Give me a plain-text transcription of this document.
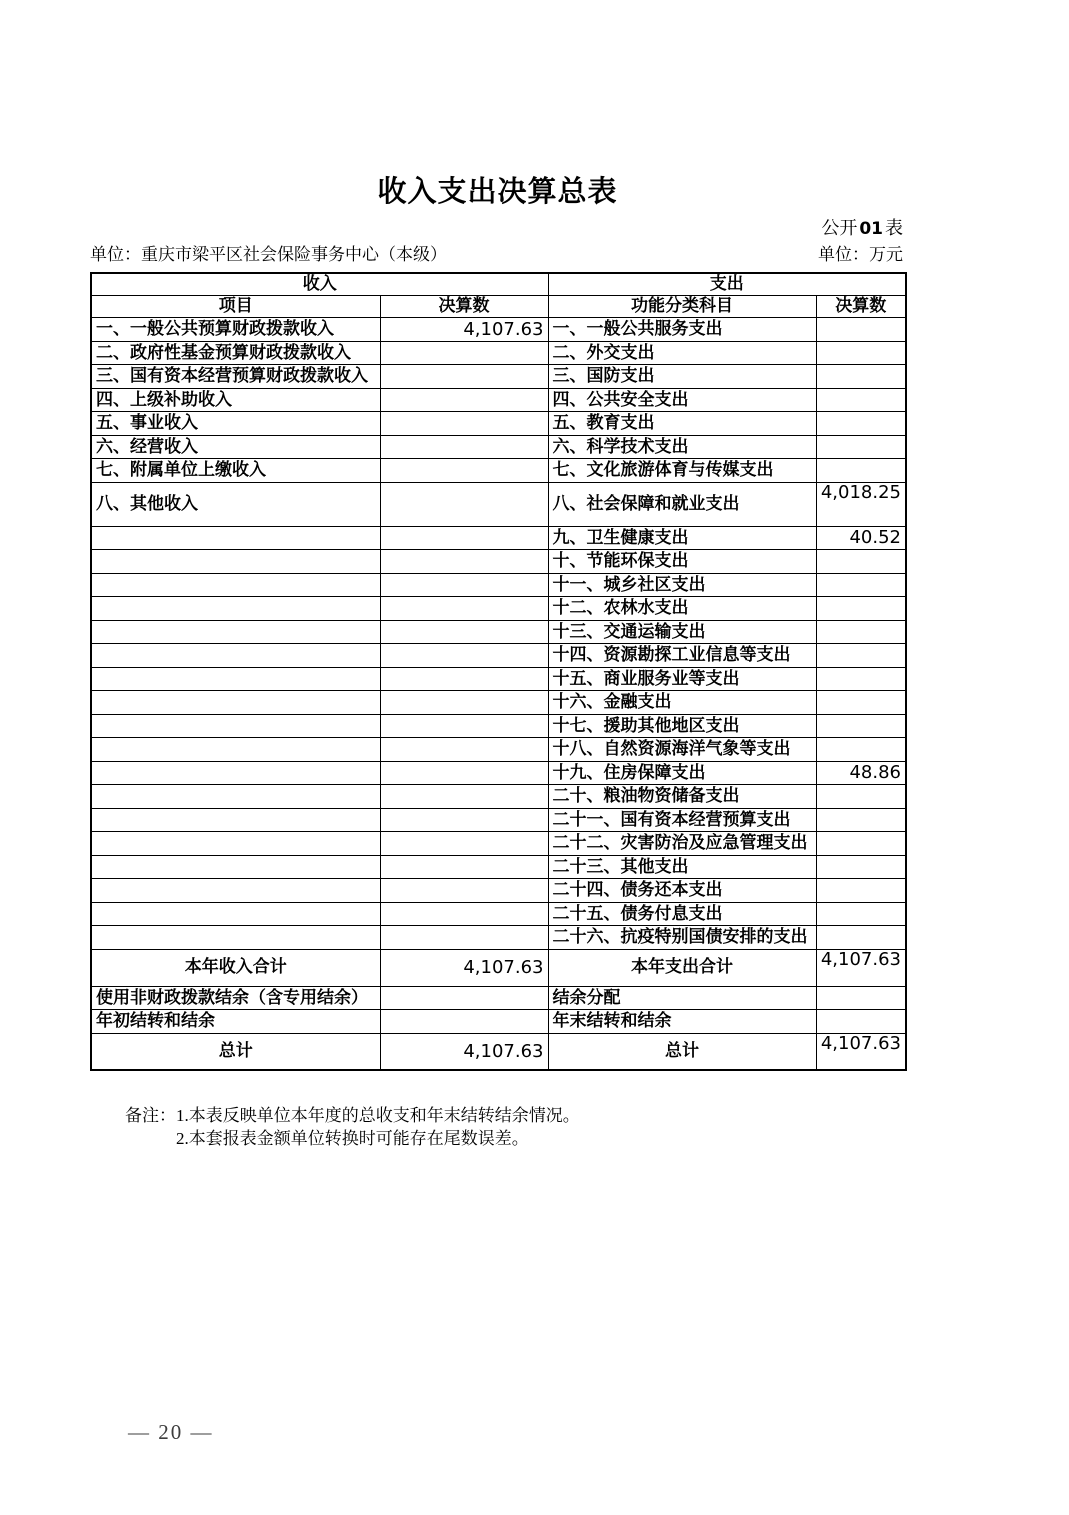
收入支出决算总表
公开 01 表
单位：重庆市梁平区社会保险事务中心（本级）	单位：万元
收入		支出	
项目	决算数	功能分类科目	决算数
一、一般公共预算财政拨款收入	4,107.63	一、一般公共服务支出	
二、政府性基金预算财政拨款收入		二、外交支出	
三、国有资本经营预算财政拨款收入		三、国防支出	
四、上级补助收入		四、公共安全支出	
五、事业收入		五、教育支出	
六、经营收入		六、科学技术支出	
七、附属单位上缴收入		七、文化旅游体育与传媒支出	
八、其他收入		八、社会保障和就业支出	4,018.25
		九、卫生健康支出	40.52
		十、节能环保支出	
		十一、城乡社区支出	
		十二、农林水支出	
		十三、交通运输支出	
		十四、资源勘探工业信息等支出	
		十五、商业服务业等支出	
		十六、金融支出	
		十七、援助其他地区支出	
		十八、自然资源海洋气象等支出	
		十九、住房保障支出	48.86
		二十、粮油物资储备支出	
		二十一、国有资本经营预算支出	
		二十二、灾害防治及应急管理支出	
		二十三、其他支出	
		二十四、债务还本支出	
		二十五、债务付息支出	
		二十六、抗疫特别国债安排的支出	
本年收入合计	4,107.63	本年支出合计	4,107.63
使用非财政拨款结余（含专用结余）		结余分配	
年初结转和结余		年末结转和结余	
总计	4,107.63	总计	4,107.63
备注： 1.本表反映单位本年度的总收支和年末结转结余情况。
2.本套报表金额单位转换时可能存在尾数误差。
— 20 —
